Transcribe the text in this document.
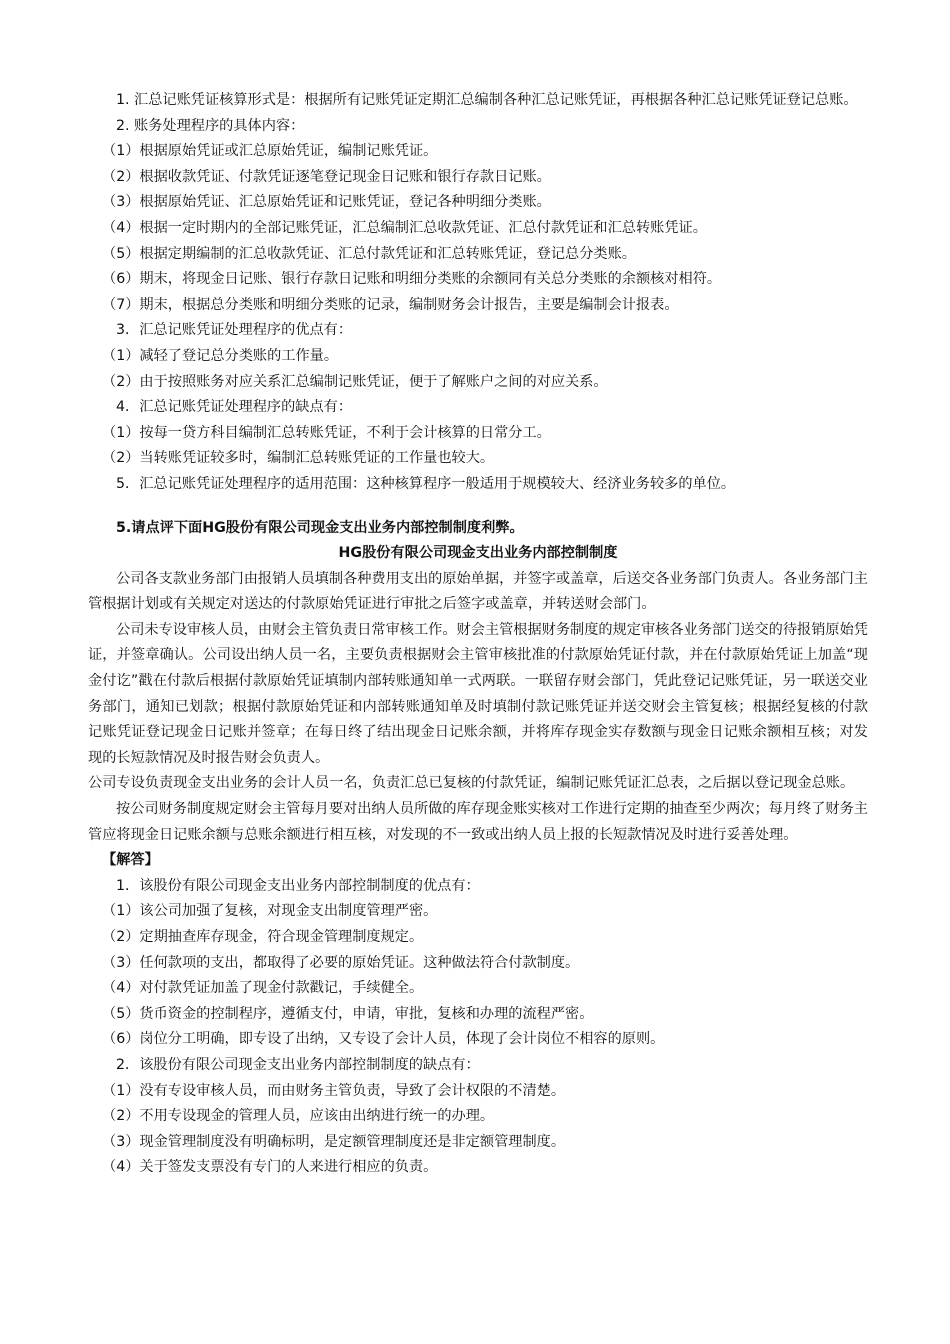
1. 汇总记账凭证核算形式是：根据所有记账凭证定期汇总编制各种汇总记账凭证，再根据各种汇总记账凭证登记总账。

2. 账务处理程序的具体内容：

（1）根据原始凭证或汇总原始凭证，编制记账凭证。

（2）根据收款凭证、付款凭证逐笔登记现金日记账和银行存款日记账。

（3）根据原始凭证、汇总原始凭证和记账凭证，登记各种明细分类账。

（4）根据一定时期内的全部记账凭证，汇总编制汇总收款凭证、汇总付款凭证和汇总转账凭证。

（5）根据定期编制的汇总收款凭证、汇总付款凭证和汇总转账凭证，登记总分类账。

（6）期末，将现金日记账、银行存款日记账和明细分类账的余额同有关总分类账的余额核对相符。

（7）期末，根据总分类账和明细分类账的记录，编制财务会计报告，主要是编制会计报表。

3．汇总记账凭证处理程序的优点有：

（1）减轻了登记总分类账的工作量。

（2）由于按照账务对应关系汇总编制记账凭证，便于了解账户之间的对应关系。

4．汇总记账凭证处理程序的缺点有：

（1）按每一贷方科目编制汇总转账凭证，不利于会计核算的日常分工。

（2）当转账凭证较多时，编制汇总转账凭证的工作量也较大。

5．汇总记账凭证处理程序的适用范围：这种核算程序一般适用于规模较大、经济业务较多的单位。

5.请点评下面HG股份有限公司现金支出业务内部控制制度利弊。

HG股份有限公司现金支出业务内部控制制度

公司各支款业务部门由报销人员填制各种费用支出的原始单据，并签字或盖章，后送交各业务部门负责人。各业务部门主管根据计划或有关规定对送达的付款原始凭证进行审批之后签字或盖章，并转送财会部门。

公司未专设审核人员，由财会主管负责日常审核工作。财会主管根据财务制度的规定审核各业务部门送交的待报销原始凭证，并签章确认。公司设出纳人员一名，主要负责根据财会主管审核批准的付款原始凭证付款，并在付款原始凭证上加盖“现金付讫”戳在付款后根据付款原始凭证填制内部转账通知单一式两联。一联留存财会部门，凭此登记记账凭证，另一联送交业务部门，通知已划款；根据付款原始凭证和内部转账通知单及时填制付款记账凭证并送交财会主管复核；根据经复核的付款记账凭证登记现金日记账并签章；在每日终了结出现金日记账余额，并将库存现金实存数额与现金日记账余额相互核；对发现的长短款情况及时报告财会负责人。

公司专设负责现金支出业务的会计人员一名，负责汇总已复核的付款凭证，编制记账凭证汇总表，之后据以登记现金总账。

按公司财务制度规定财会主管每月要对出纳人员所做的库存现金账实核对工作进行定期的抽查至少两次；每月终了财务主管应将现金日记账余额与总账余额进行相互核，对发现的不一致或出纳人员上报的长短款情况及时进行妥善处理。

【解答】

1．该股份有限公司现金支出业务内部控制制度的优点有：

（1）该公司加强了复核，对现金支出制度管理严密。

（2）定期抽查库存现金，符合现金管理制度规定。

（3）任何款项的支出，都取得了必要的原始凭证。这种做法符合付款制度。

（4）对付款凭证加盖了现金付款戳记，手续健全。

（5）货币资金的控制程序，遵循支付，申请，审批，复核和办理的流程严密。

（6）岗位分工明确，即专设了出纳，又专设了会计人员，体现了会计岗位不相容的原则。

2．该股份有限公司现金支出业务内部控制制度的缺点有：

（1）没有专设审核人员，而由财务主管负责，导致了会计权限的不清楚。

（2）不用专设现金的管理人员，应该由出纳进行统一的办理。

（3）现金管理制度没有明确标明，是定额管理制度还是非定额管理制度。

（4）关于签发支票没有专门的人来进行相应的负责。
